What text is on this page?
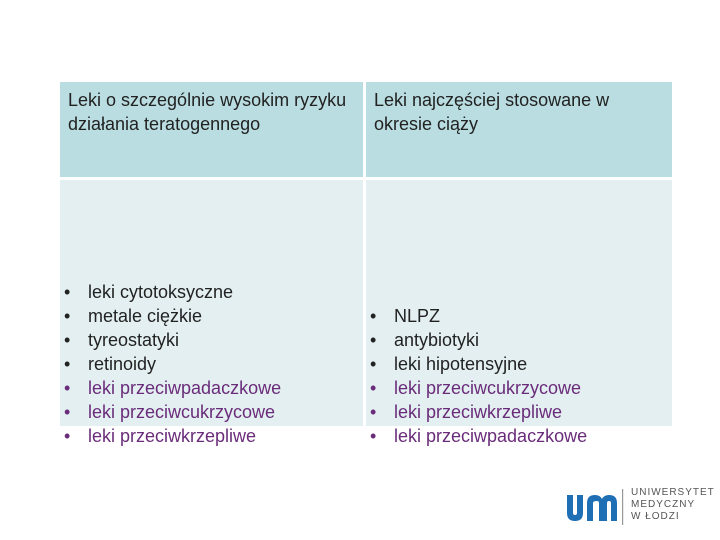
Leki o szczególnie wysokim ryzyku działania teratogennego
Leki najczęściej stosowane w okresie ciąży
• leki cytotoksyczne
• metale ciężkie
• tyreostatyki
• retinoidy
• leki przeciwpadaczkowe
• leki przeciwcukrzycowe
• leki przeciwkrzepliwe
• NLPZ
• antybiotyki
• leki hipotensyjne
• leki przeciwcukrzycowe
• leki przeciwkrzepliwe
• leki przeciwpadaczkowe
UNIWERSYTET
MEDYCZNY
W ŁODZI
